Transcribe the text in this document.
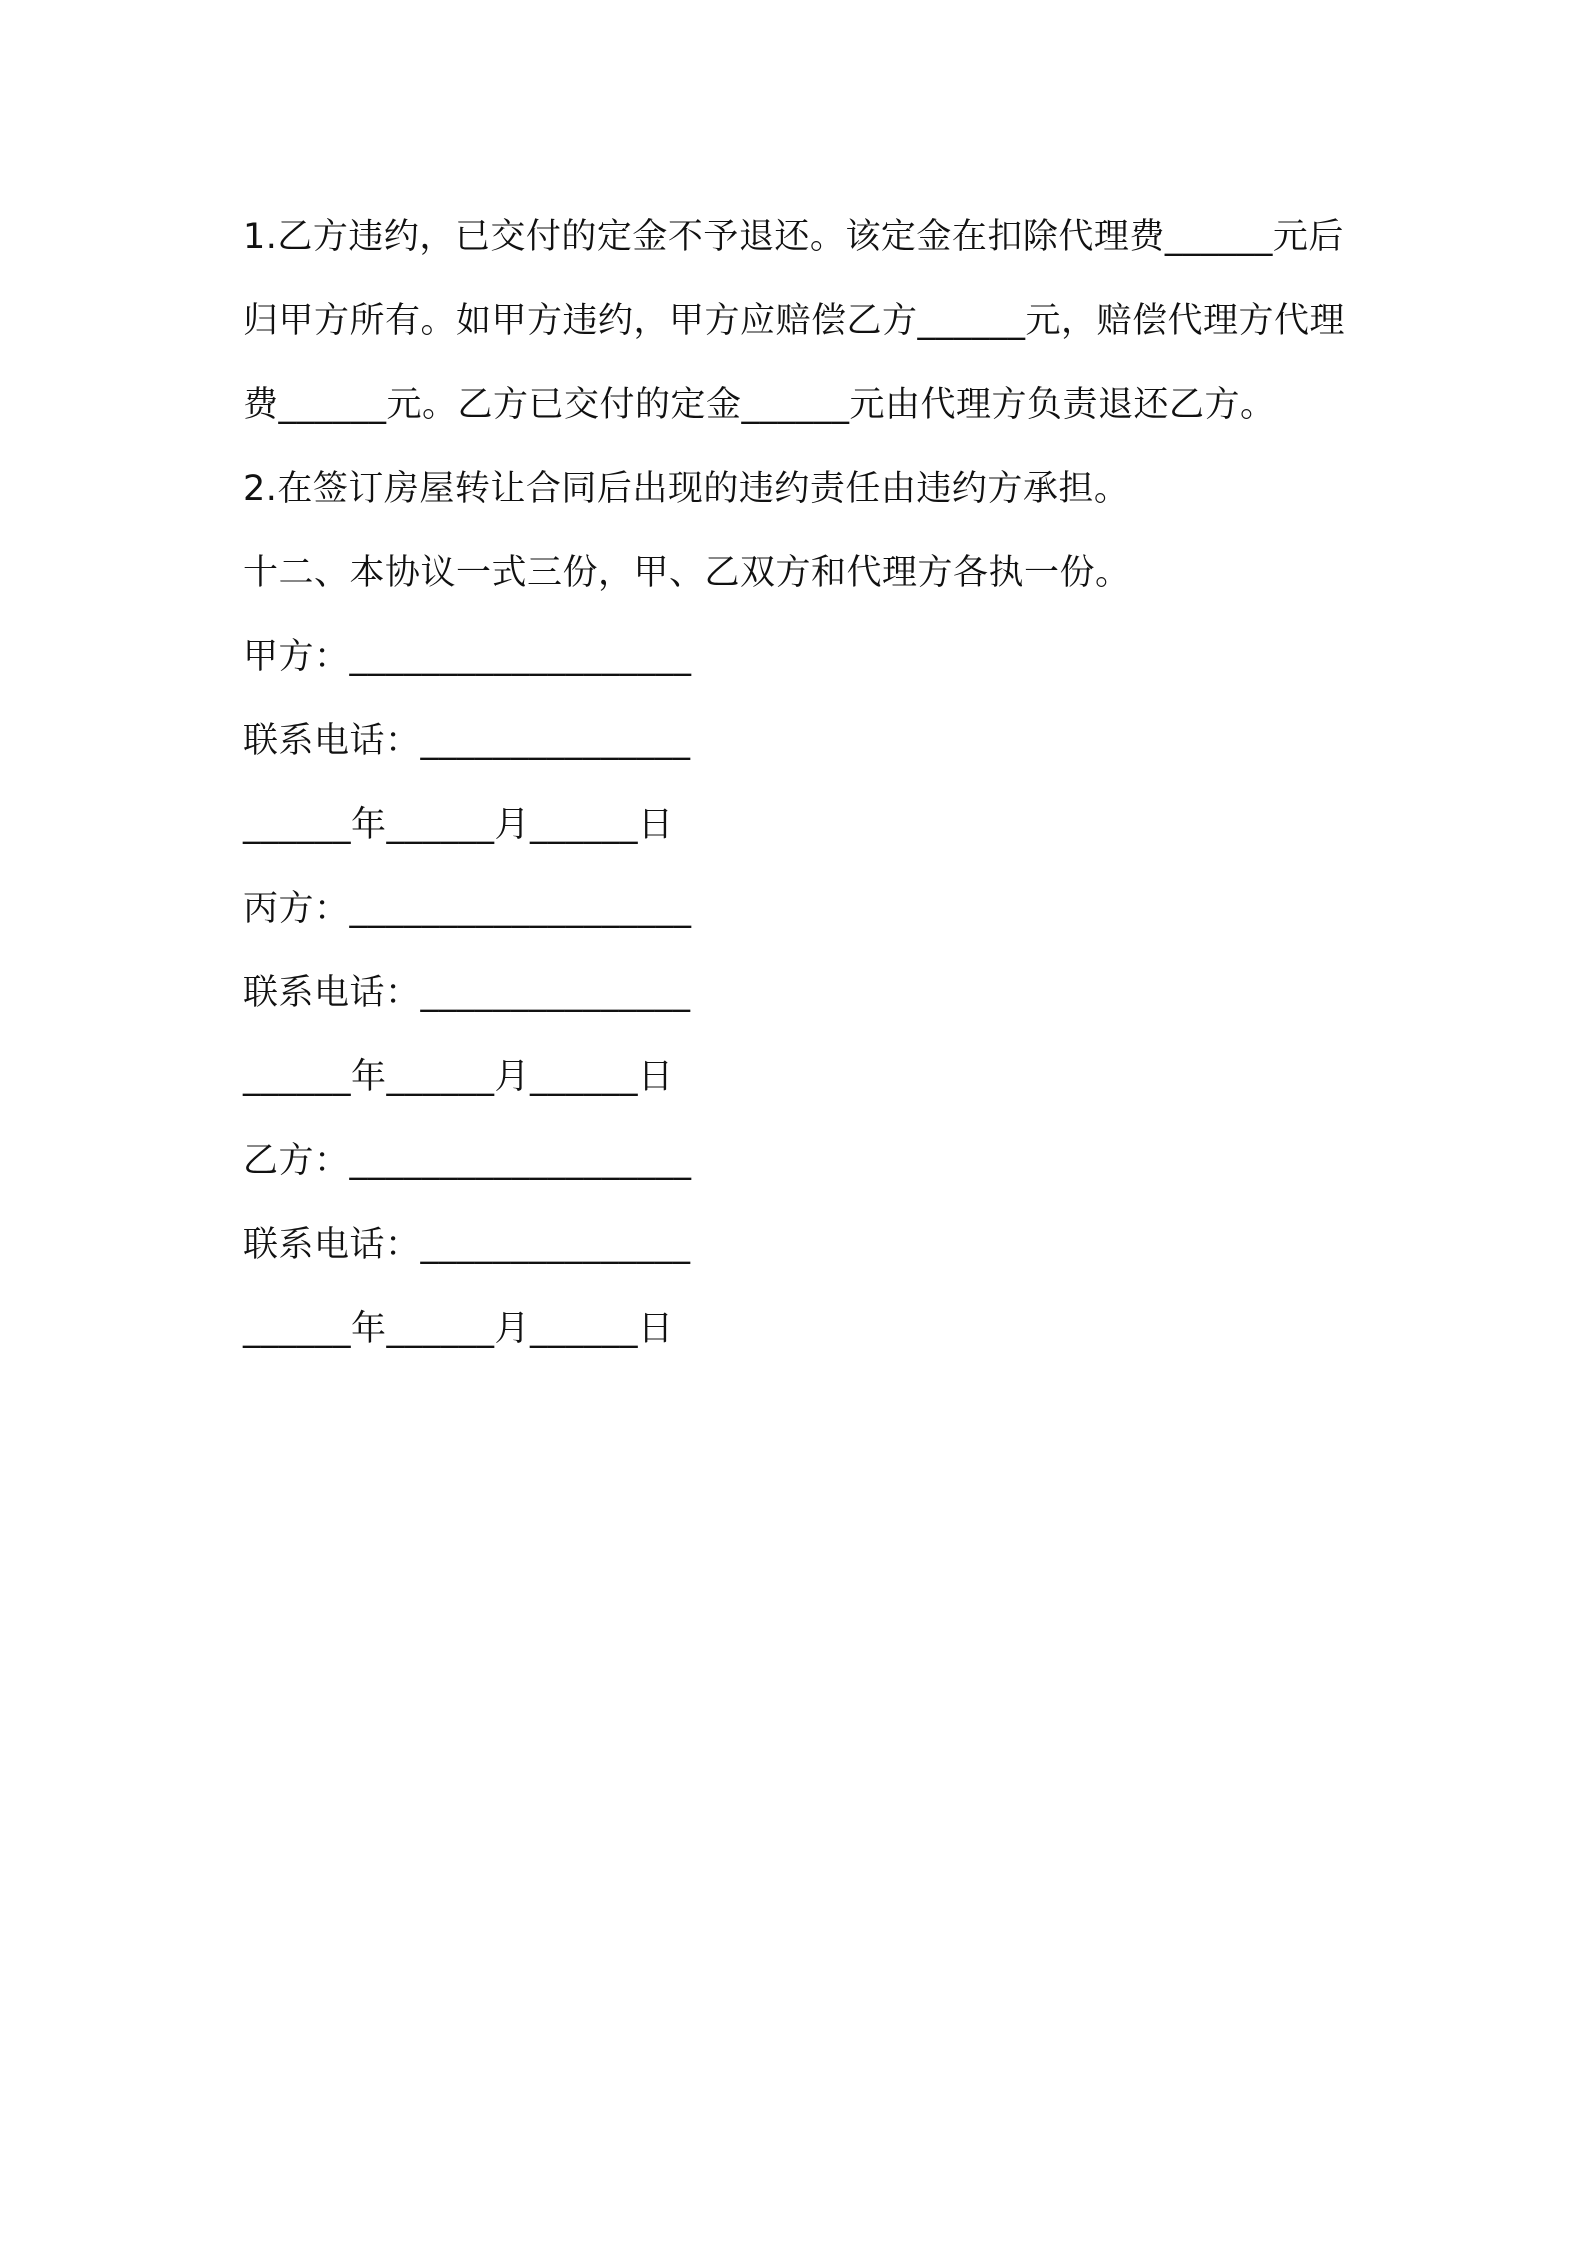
1.乙方违约，已交付的定金不予退还。该定金在扣除代理费______元后归甲方所有。如甲方违约，甲方应赔偿乙方______元，赔偿代理方代理费______元。乙方已交付的定金______元由代理方负责退还乙方。

2.在签订房屋转让合同后出现的违约责任由违约方承担。

十二、本协议一式三份，甲、乙双方和代理方各执一份。

甲方：___________________

联系电话：_______________

______年______月______日

丙方：___________________

联系电话：_______________

______年______月______日

乙方：___________________

联系电话：_______________

______年______月______日
